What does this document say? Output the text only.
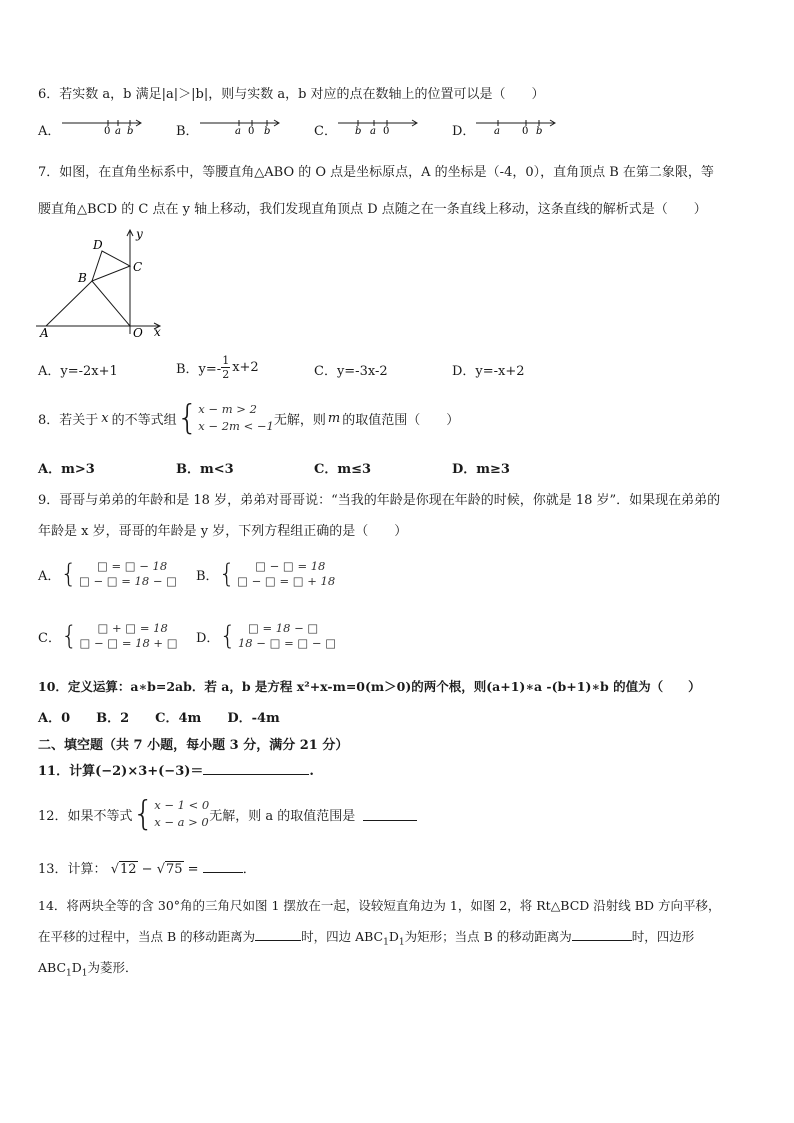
6．若实数 a，b 满足|a|＞|b|，则与实数 a，b 对应的点在数轴上的位置可以是（　　）
A．	0 a b	B．	a 0 b	C． b a 0	D． a 0 b
7．如图，在直角坐标系中，等腰直角△ABO 的 O 点是坐标原点，A 的坐标是（-4，0），直角顶点 B 在第二象限，等
腰直角△BCD 的 C 点在 y 轴上移动，我们发现直角顶点 D 点随之在一条直线上移动，这条直线的解析式是（　　）
D
B
C
A	O x
y
A．y=-2x+1	B．$y=- \frac{1}{2} x+2$	C．y=-3x-2	D．y=-x+2
8．若关于 x 的不等式组 { x − m > 2
x − 2m < −1 无解，则 m 的取值范围（　　）
A．m>3	B．m<3	C．m≤3	D．m≥3
9．哥哥与弟弟的年龄和是 18 岁，弟弟对哥哥说：“当我的年龄是你现在年龄的时候，你就是 18 岁”．如果现在弟弟的
年龄是 x 岁，哥哥的年龄是 y 岁，下列方程组正确的是（　　）
A． {	□ = □ − 18
□ − □ = 18 − □ B． {	□ − □ = 18
□ − □ = □ + 18
C． {	□ + □ = 18
□ − □ = 18 + □ D． {	□ = 18 − □
18 − □ = □ − □
10．定义运算：a∗b=2ab．若 a，b 是方程 x²+x-m=0(m＞0)的两个根，则(a+1)∗a -(b+1)∗b 的值为（　　）
A．0　　B．2　　C．4m　　D．-4m
二、填空题（共 7 小题，每小题 3 分，满分 21 分）
11．计算(−2)×3+(−3)＝	.
12．如果不等式 { x − 1 < 0
x − a > 0 无解，则 a 的取值范围是
13．计算： √12 − √75 =	．
14．将两块全等的含 30°角的三角尺如图 1 摆放在一起，设较短直角边为 1，如图 2，将 Rt△BCD 沿射线 BD 方向平移，
在平移的过程中，当点 B 的移动距离为	时，四边 $ABC_1D_1$为矩形；当点 B 的移动距离为	时，四边形
$ABC_1D_1$为菱形．
